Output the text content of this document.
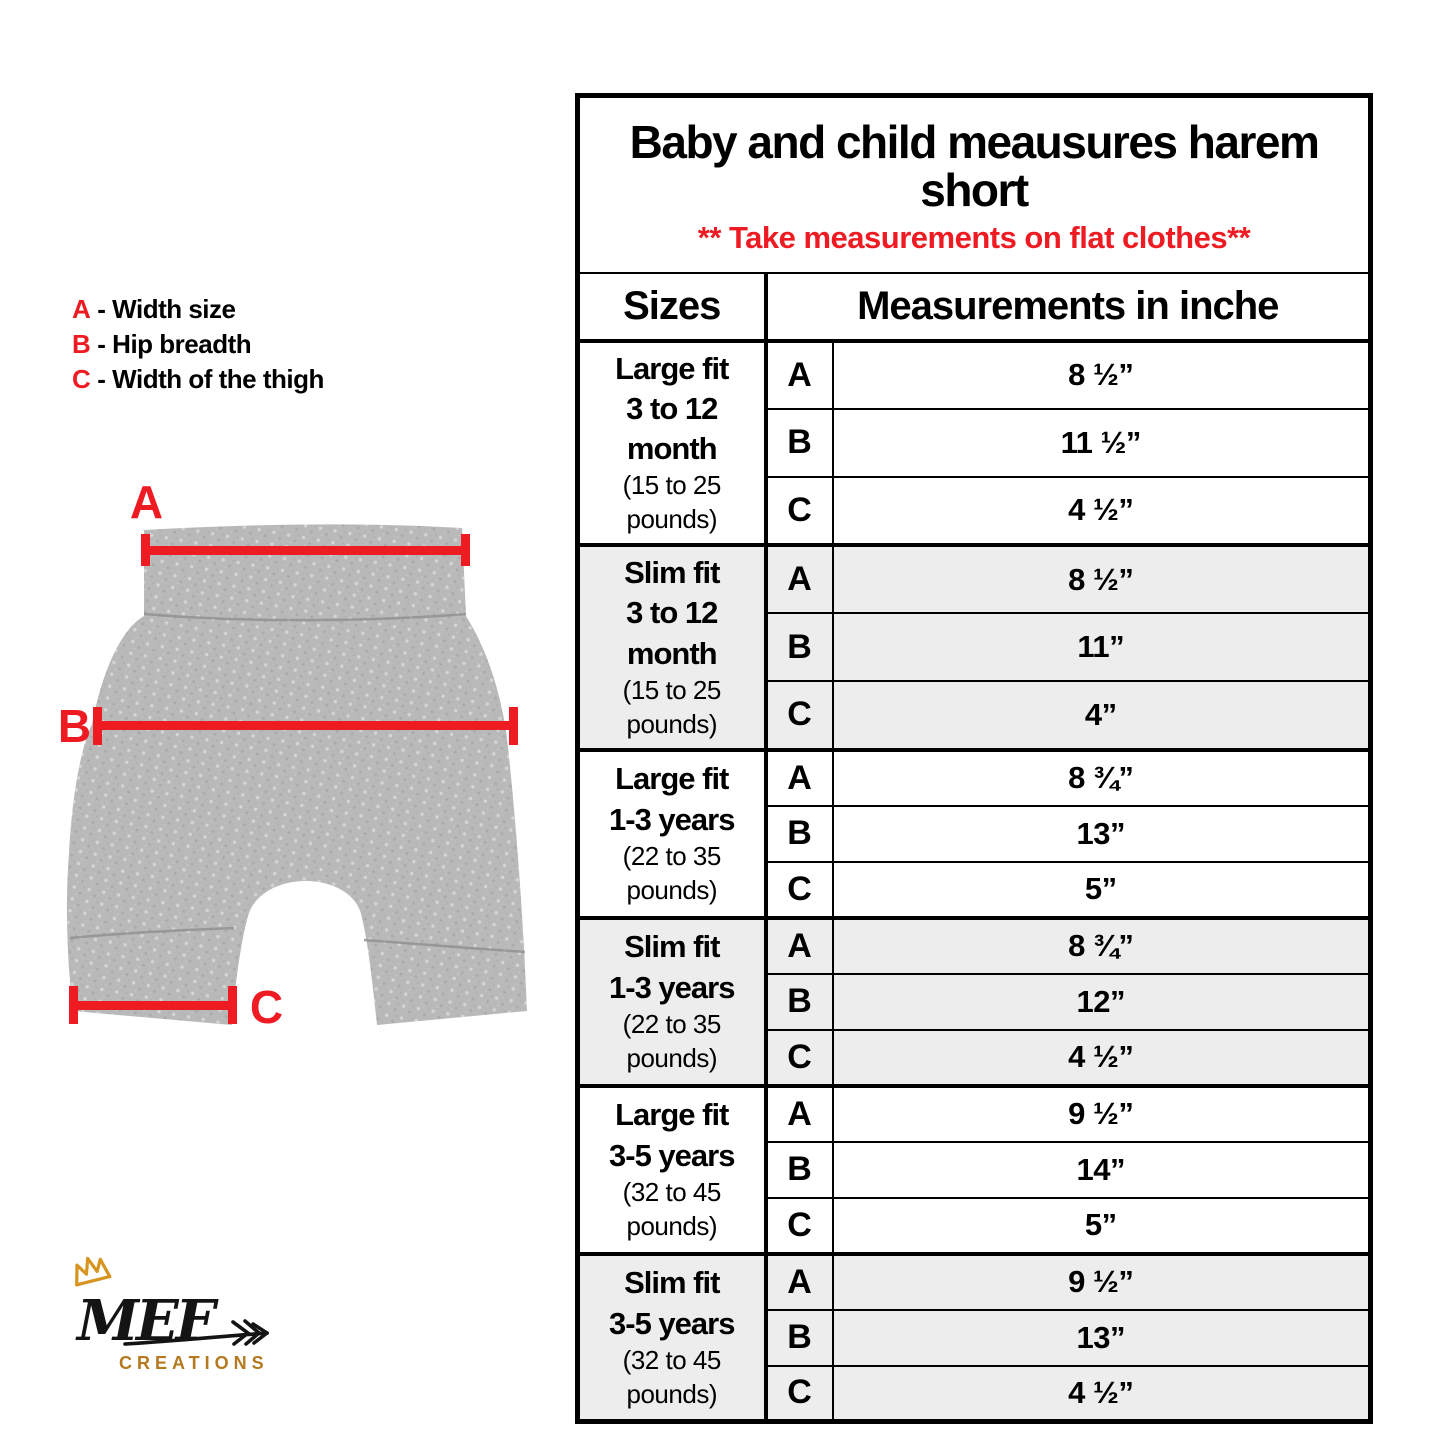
A - Width size
B - Hip breadth
C - Width of the thigh
A
B
C
MEF
CREATIONS
Baby and child meausures harem short
** Take measurements on flat clothes**		

Sizes	Measurements in inche	

Large fit
3 to 12 month
(15 to 25 pounds)	A	8 ½”
	B	11 ½”
	C	4 ½”

Slim fit
3 to 12 month
(15 to 25 pounds)	A	8 ½”
	B	11”
	C	4”

Large fit
1-3 years
(22 to 35 pounds)	A	8 ¾”
	B	13”
	C	5”

Slim fit
1-3 years
(22 to 35 pounds)	A	8 ¾”
	B	12”
	C	4 ½”

Large fit
3-5 years
(32 to 45 pounds)	A	9 ½”
	B	14”
	C	5”

Slim fit
3-5 years
(32 to 45 pounds)	A	9 ½”
	B	13”
	C	4 ½”
